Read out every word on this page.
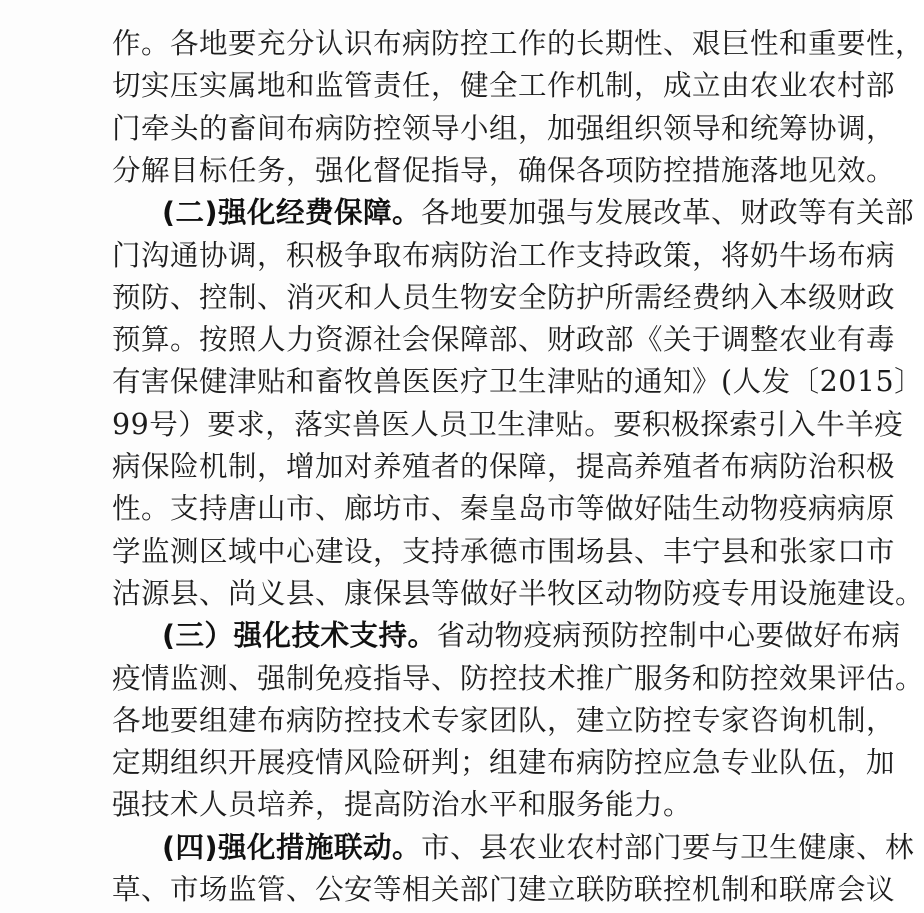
作。各地要充分认识布病防控工作的长期性、艰巨性和重要性，
切实压实属地和监管责任，健全工作机制，成立由农业农村部
门牵头的畜间布病防控领导小组，加强组织领导和统筹协调，
分解目标任务，强化督促指导，确保各项防控措施落地见效。
(二)强化经费保障。各地要加强与发展改革、财政等有关部
门沟通协调，积极争取布病防治工作支持政策，将奶牛场布病
预防、控制、消灭和人员生物安全防护所需经费纳入本级财政
预算。按照人力资源社会保障部、财政部《关于调整农业有毒
有害保健津贴和畜牧兽医医疗卫生津贴的通知》(人发〔2015〕
99号）要求，落实兽医人员卫生津贴。要积极探索引入牛羊疫
病保险机制，增加对养殖者的保障，提高养殖者布病防治积极
性。支持唐山市、廊坊市、秦皇岛市等做好陆生动物疫病病原
学监测区域中心建设，支持承德市围场县、丰宁县和张家口市
沽源县、尚义县、康保县等做好半牧区动物防疫专用设施建设。
(三）强化技术支持。省动物疫病预防控制中心要做好布病
疫情监测、强制免疫指导、防控技术推广服务和防控效果评估。
各地要组建布病防控技术专家团队，建立防控专家咨询机制，
定期组织开展疫情风险研判；组建布病防控应急专业队伍，加
强技术人员培养，提高防治水平和服务能力。
(四)强化措施联动。市、县农业农村部门要与卫生健康、林
草、市场监管、公安等相关部门建立联防联控机制和联席会议
